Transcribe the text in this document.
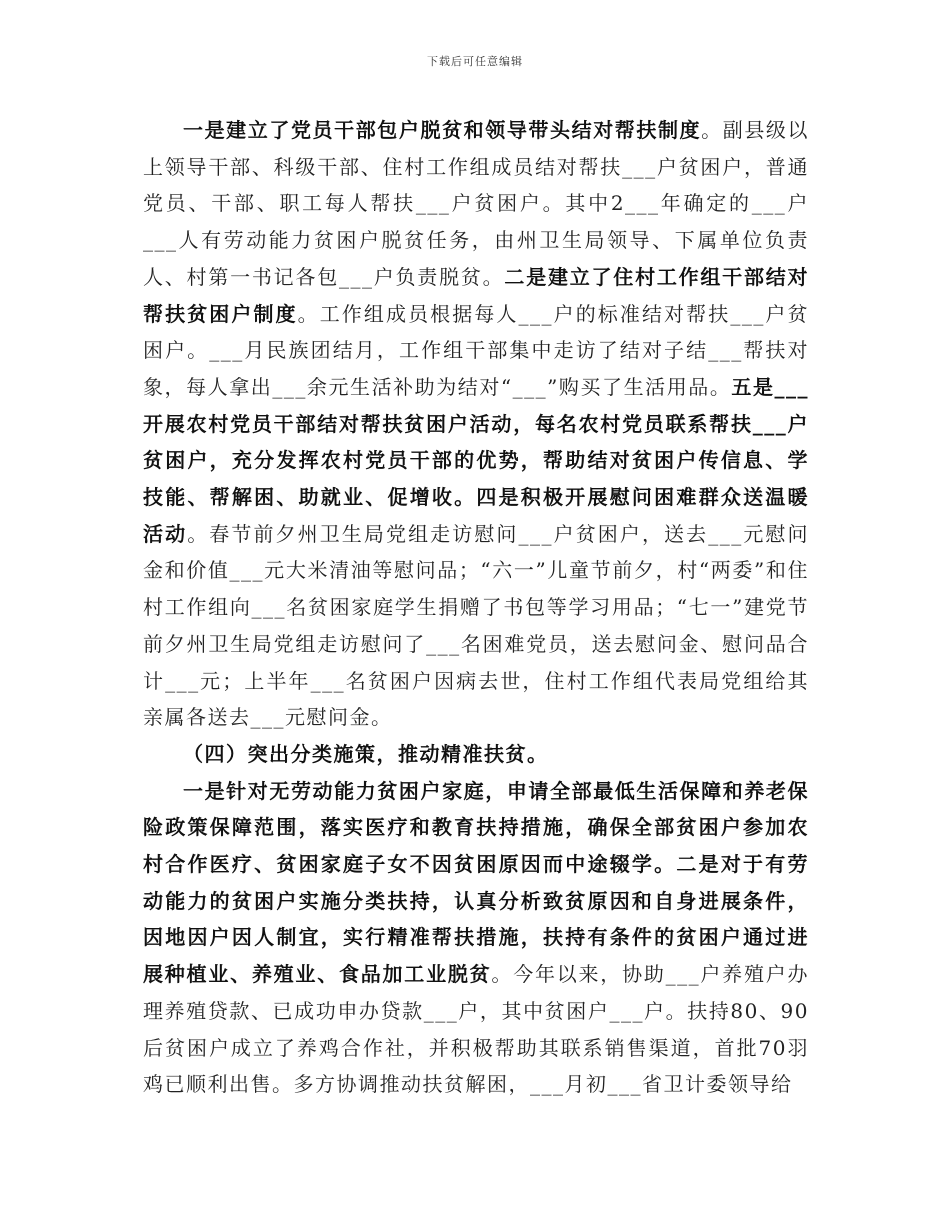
下载后可任意编辑

一是建立了党员干部包户脱贫和领导带头结对帮扶制度。副县级以上领导干部、科级干部、住村工作组成员结对帮扶___户贫困户，普通党员、干部、职工每人帮扶___户贫困户。其中2___年确定的___户___人有劳动能力贫困户脱贫任务，由州卫生局领导、下属单位负责人、村第一书记各包___户负责脱贫。二是建立了住村工作组干部结对帮扶贫困户制度。工作组成员根据每人___户的标准结对帮扶___户贫困户。___月民族团结月，工作组干部集中走访了结对子结___帮扶对象，每人拿出___余元生活补助为结对“___”购买了生活用品。五是___开展农村党员干部结对帮扶贫困户活动，每名农村党员联系帮扶___户贫困户，充分发挥农村党员干部的优势，帮助结对贫困户传信息、学技能、帮解困、助就业、促增收。四是积极开展慰问困难群众送温暖活动。春节前夕州卫生局党组走访慰问___户贫困户，送去___元慰问金和价值___元大米清油等慰问品；“六一”儿童节前夕，村“两委”和住村工作组向___名贫困家庭学生捐赠了书包等学习用品；“七一”建党节前夕州卫生局党组走访慰问了___名困难党员，送去慰问金、慰问品合计___元；上半年___名贫困户因病去世，住村工作组代表局党组给其亲属各送去___元慰问金。

（四）突出分类施策，推动精准扶贫。

一是针对无劳动能力贫困户家庭，申请全部最低生活保障和养老保险政策保障范围，落实医疗和教育扶持措施，确保全部贫困户参加农村合作医疗、贫困家庭子女不因贫困原因而中途辍学。二是对于有劳动能力的贫困户实施分类扶持，认真分析致贫原因和自身进展条件，因地因户因人制宜，实行精准帮扶措施，扶持有条件的贫困户通过进展种植业、养殖业、食品加工业脱贫。今年以来，协助___户养殖户办理养殖贷款、已成功申办贷款___户，其中贫困户___户。扶持80、90后贫困户成立了养鸡合作社，并积极帮助其联系销售渠道，首批70羽鸡已顺利出售。多方协调推动扶贫解困，___月初___省卫计委领导给
